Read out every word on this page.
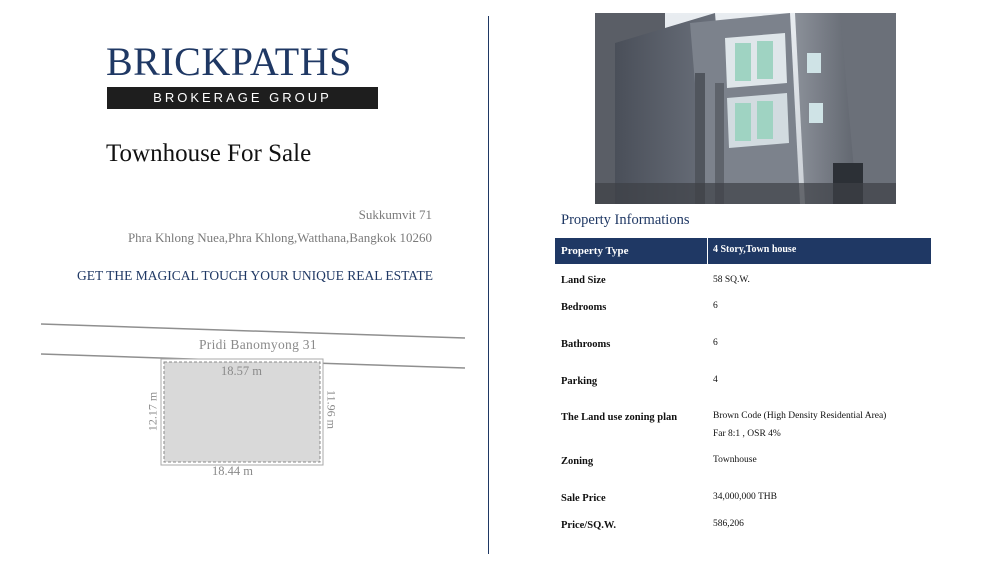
BRICKPATHS
BROKERAGE GROUP
Townhouse For Sale
Sukkumvit 71
Phra Khlong Nuea,Phra Khlong,Watthana,Bangkok 10260
GET THE MAGICAL TOUCH YOUR UNIQUE REAL ESTATE
Pridi Banomyong 31
18.57 m
18.44 m
12.17 m	11.96 m
Property Informations
Property Type	4 Story,Town house
Land Size	58 SQ.W.
Bedrooms	6
Bathrooms	6
Parking	4
The Land use zoning plan	Brown Code (High Density Residential Area)
Far 8:1 , OSR 4%
Zoning	Townhouse
Sale Price	34,000,000 THB
Price/SQ.W.	586,206
